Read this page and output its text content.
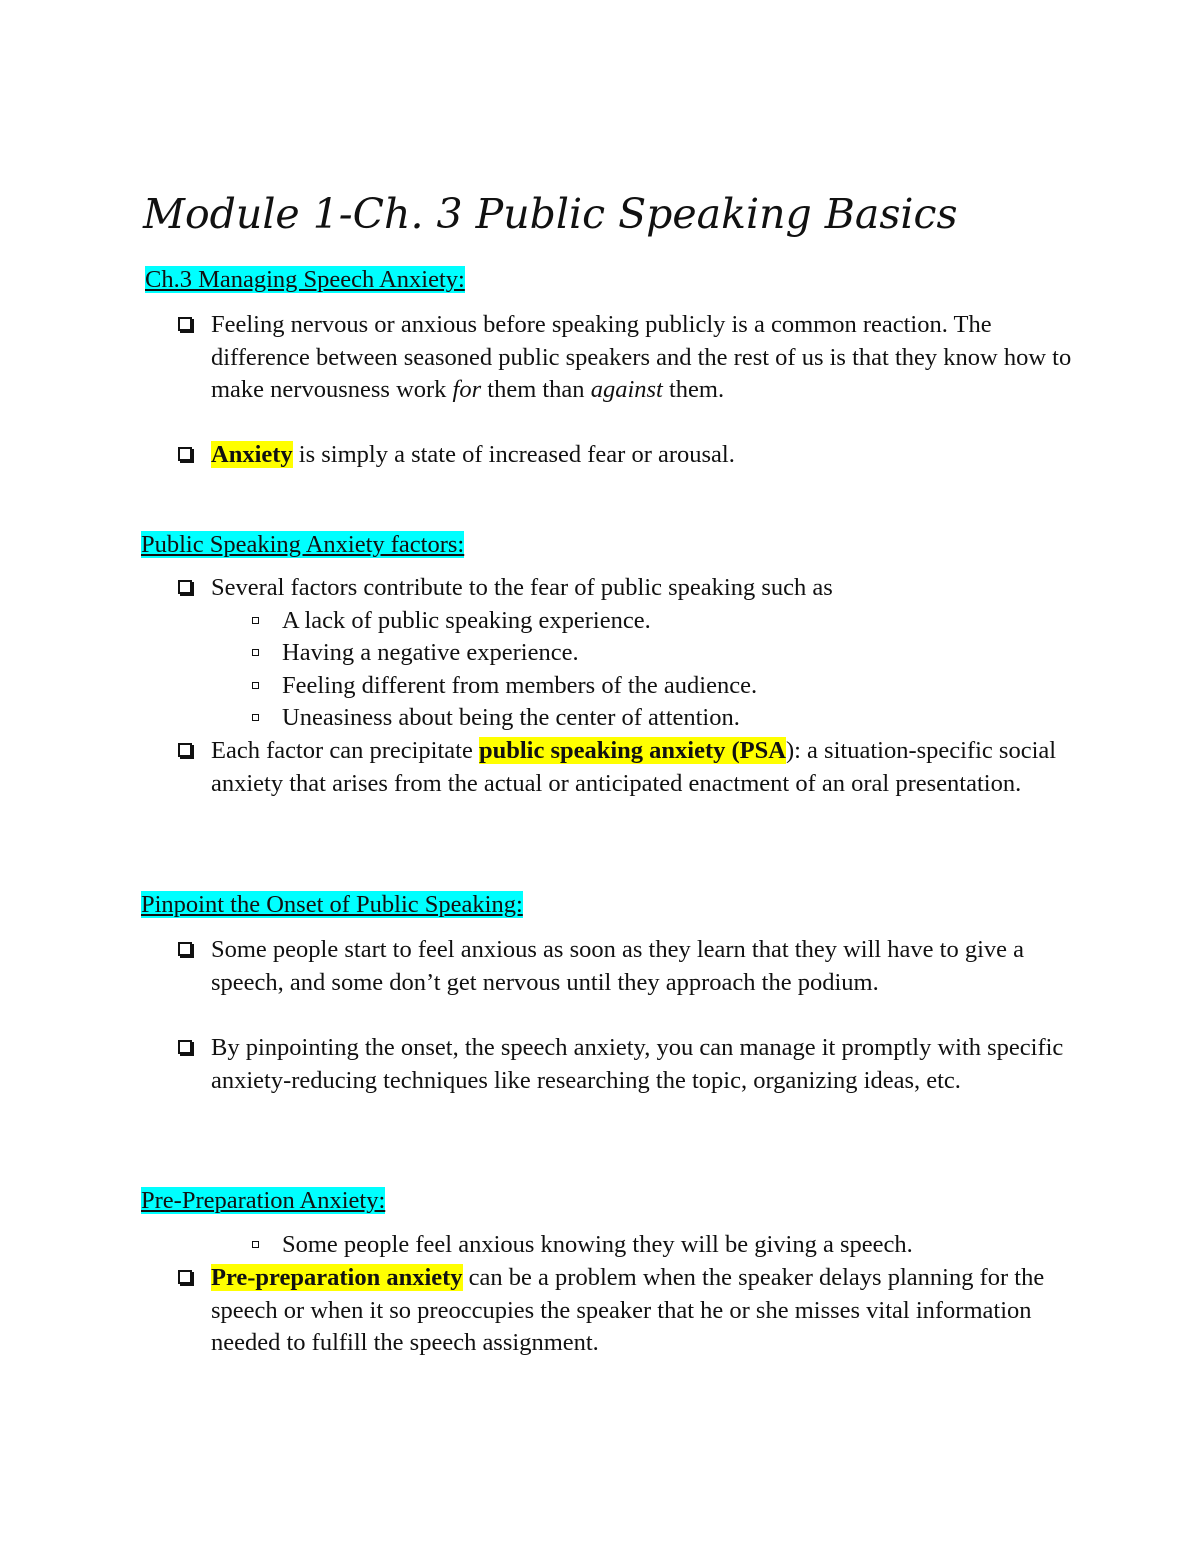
Module 1-Ch. 3 Public Speaking Basics
Ch.3 Managing Speech Anxiety:
Feeling nervous or anxious before speaking publicly is a common reaction. The difference between seasoned public speakers and the rest of us is that they know how to make nervousness work for them than against them.
Anxiety is simply a state of increased fear or arousal.
Public Speaking Anxiety factors:
Several factors contribute to the fear of public speaking such as
A lack of public speaking experience.
Having a negative experience.
Feeling different from members of the audience.
Uneasiness about being the center of attention.
Each factor can precipitate public speaking anxiety (PSA): a situation-specific social anxiety that arises from the actual or anticipated enactment of an oral presentation.
Pinpoint the Onset of Public Speaking:
Some people start to feel anxious as soon as they learn that they will have to give a speech, and some don’t get nervous until they approach the podium.
By pinpointing the onset, the speech anxiety, you can manage it promptly with specific anxiety-reducing techniques like researching the topic, organizing ideas, etc.
Pre-Preparation Anxiety:
Some people feel anxious knowing they will be giving a speech.
Pre-preparation anxiety can be a problem when the speaker delays planning for the speech or when it so preoccupies the speaker that he or she misses vital information needed to fulfill the speech assignment.
